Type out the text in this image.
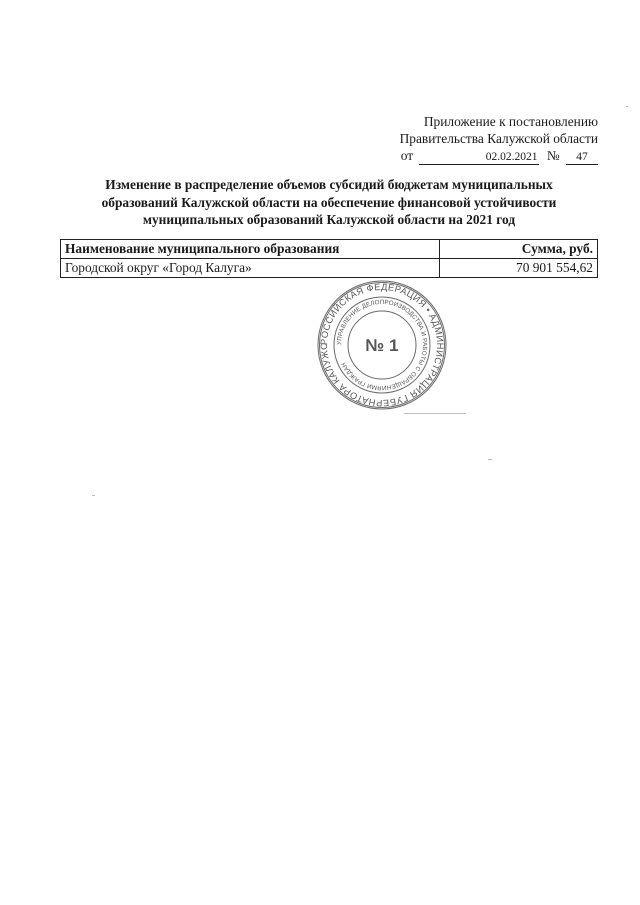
Приложение к постановлению
Правительства Калужской области
от	02.02.2021 № 47
Изменение в распределение объемов субсидий бюджетам муниципальных
образований Калужской области на обеспечение финансовой устойчивости
муниципальных образований Калужской области на 2021 год
Наименование муниципального образования	Сумма, руб.
Городской округ «Город Калуга»	70 901 554,62
РОССИЙСКАЯ ФЕДЕРАЦИЯ • АДМИНИСТРАЦИЯ ГУБЕРНАТОРА КАЛУЖС	УПРАВЛЕНИЕ ДЕЛОПРОИЗВОДСТВА И РАБОТЫ С ОБРАЩЕНИЯМИ ГРАЖДАН
№ 1
